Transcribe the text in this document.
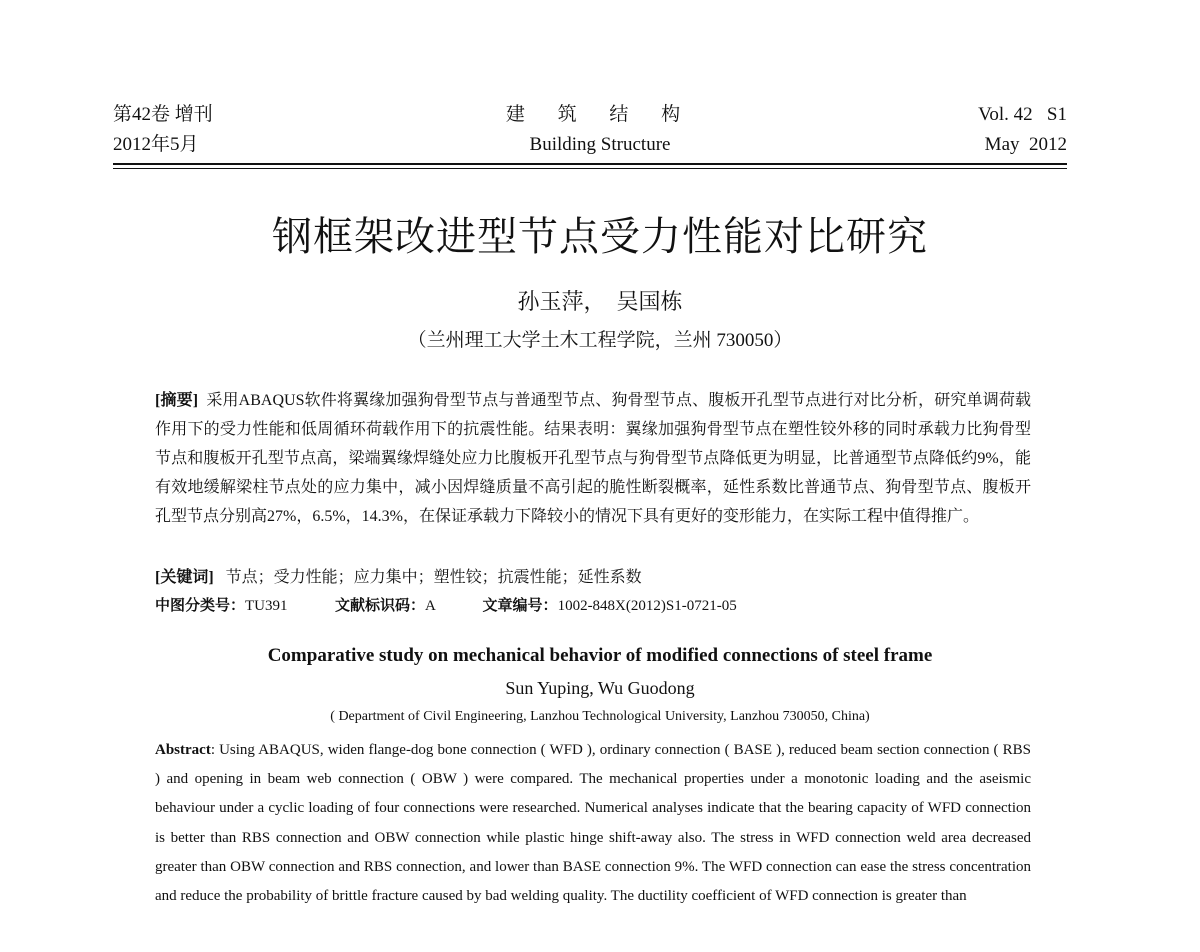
第42卷 增刊
2012年5月
建 筑 结 构
Building Structure
Vol. 42   S1
May  2012
钢框架改进型节点受力性能对比研究
孙玉萍，  吴国栋
（兰州理工大学土木工程学院，兰州 730050）

[摘要] 采用ABAQUS软件将翼缘加强狗骨型节点与普通型节点、狗骨型节点、腹板开孔型节点进行对比分析，研究单调荷载作用下的受力性能和低周循环荷载作用下的抗震性能。结果表明：翼缘加强狗骨型节点在塑性铰外移的同时承载力比狗骨型节点和腹板开孔型节点高，梁端翼缘焊缝处应力比腹板开孔型节点与狗骨型节点降低更为明显，比普通型节点降低约9%，能有效地缓解梁柱节点处的应力集中，减小因焊缝质量不高引起的脆性断裂概率，延性系数比普通节点、狗骨型节点、腹板开孔型节点分别高27%，6.5%，14.3%，在保证承载力下降较小的情况下具有更好的变形能力，在实际工程中值得推广。

[关键词] 节点；受力性能；应力集中；塑性铰；抗震性能；延性系数

中图分类号：TU391	文献标识码：A	文章编号：1002-848X(2012)S1-0721-05

Comparative study on mechanical behavior of modified connections of steel frame
Sun Yuping, Wu Guodong
( Department of Civil Engineering, Lanzhou Technological University, Lanzhou 730050, China)

Abstract: Using ABAQUS, widen flange-dog bone connection ( WFD ), ordinary connection ( BASE ), reduced beam section connection ( RBS ) and opening in beam web connection ( OBW ) were compared. The mechanical properties under a monotonic loading and the aseismic behaviour under a cyclic loading of four connections were researched. Numerical analyses indicate that the bearing capacity of WFD connection is better than RBS connection and OBW connection while plastic hinge shift-away also. The stress in WFD connection weld area decreased greater than OBW connection and RBS connection, and lower than BASE connection 9%. The WFD connection can ease the stress concentration and reduce the probability of brittle fracture caused by bad welding quality. The ductility coefficient of WFD connection is greater than
